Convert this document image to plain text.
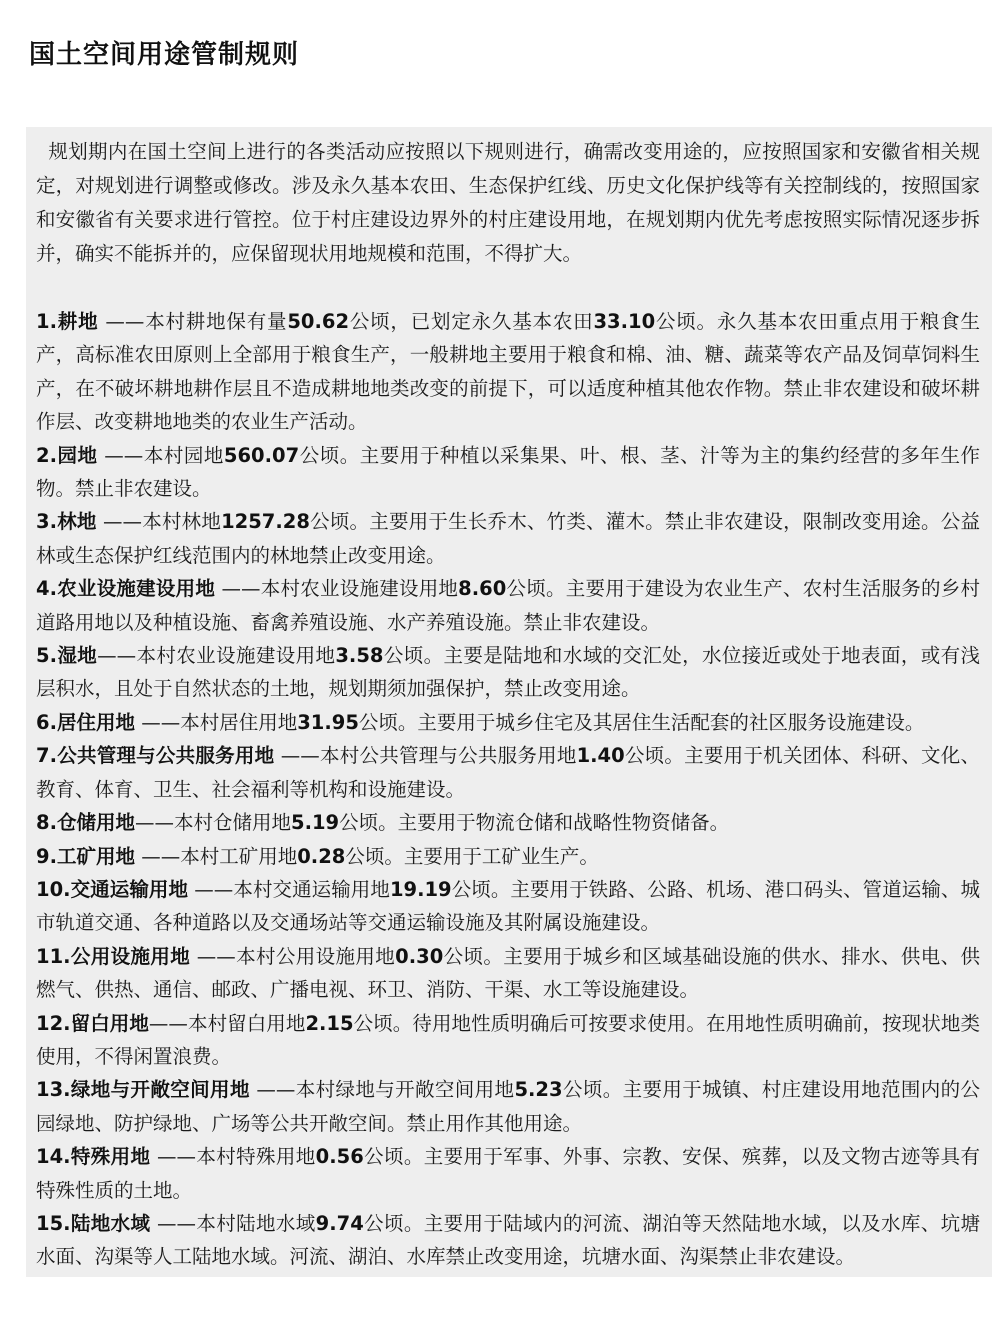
国土空间用途管制规则

规划期内在国土空间上进行的各类活动应按照以下规则进行，确需改变用途的，应按照国家和安徽省相关规定，对规划进行调整或修改。涉及永久基本农田、生态保护红线、历史文化保护线等有关控制线的，按照国家和安徽省有关要求进行管控。位于村庄建设边界外的村庄建设用地，在规划期内优先考虑按照实际情况逐步拆并，确实不能拆并的，应保留现状用地规模和范围，不得扩大。

1.耕地 ——本村耕地保有量50.62公顷，已划定永久基本农田33.10公顷。永久基本农田重点用于粮食生产，高标准农田原则上全部用于粮食生产，一般耕地主要用于粮食和棉、油、糖、蔬菜等农产品及饲草饲料生产，在不破坏耕地耕作层且不造成耕地地类改变的前提下，可以适度种植其他农作物。禁止非农建设和破坏耕作层、改变耕地地类的农业生产活动。

2.园地 ——本村园地560.07公顷。主要用于种植以采集果、叶、根、茎、汁等为主的集约经营的多年生作物。禁止非农建设。

3.林地 ——本村林地1257.28公顷。主要用于生长乔木、竹类、灌木。禁止非农建设，限制改变用途。公益林或生态保护红线范围内的林地禁止改变用途。

4.农业设施建设用地 ——本村农业设施建设用地8.60公顷。主要用于建设为农业生产、农村生活服务的乡村道路用地以及种植设施、畜禽养殖设施、水产养殖设施。禁止非农建设。

5.湿地——本村农业设施建设用地3.58公顷。主要是陆地和水域的交汇处，水位接近或处于地表面，或有浅层积水，且处于自然状态的土地，规划期须加强保护，禁止改变用途。

6.居住用地 ——本村居住用地31.95公顷。主要用于城乡住宅及其居住生活配套的社区服务设施建设。

7.公共管理与公共服务用地 ——本村公共管理与公共服务用地1.40公顷。主要用于机关团体、科研、文化、教育、体育、卫生、社会福利等机构和设施建设。

8.仓储用地——本村仓储用地5.19公顷。主要用于物流仓储和战略性物资储备。

9.工矿用地 ——本村工矿用地0.28公顷。主要用于工矿业生产。

10.交通运输用地 ——本村交通运输用地19.19公顷。主要用于铁路、公路、机场、港口码头、管道运输、城市轨道交通、各种道路以及交通场站等交通运输设施及其附属设施建设。

11.公用设施用地 ——本村公用设施用地0.30公顷。主要用于城乡和区域基础设施的供水、排水、供电、供燃气、供热、通信、邮政、广播电视、环卫、消防、干渠、水工等设施建设。

12.留白用地——本村留白用地2.15公顷。待用地性质明确后可按要求使用。在用地性质明确前，按现状地类使用，不得闲置浪费。

13.绿地与开敞空间用地 ——本村绿地与开敞空间用地5.23公顷。主要用于城镇、村庄建设用地范围内的公园绿地、防护绿地、广场等公共开敞空间。禁止用作其他用途。

14.特殊用地 ——本村特殊用地0.56公顷。主要用于军事、外事、宗教、安保、殡葬，以及文物古迹等具有特殊性质的土地。

15.陆地水域 ——本村陆地水域9.74公顷。主要用于陆域内的河流、湖泊等天然陆地水域，以及水库、坑塘水面、沟渠等人工陆地水域。河流、湖泊、水库禁止改变用途，坑塘水面、沟渠禁止非农建设。
